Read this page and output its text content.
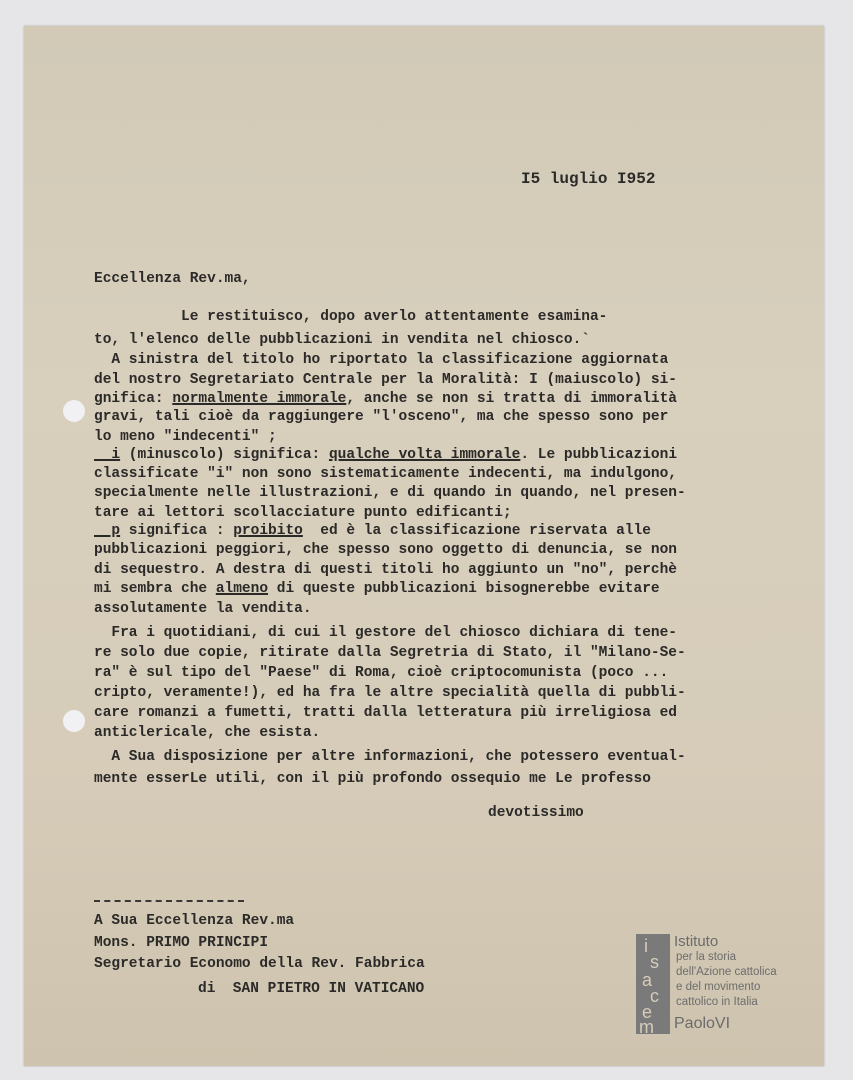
I5 luglio I952
Eccellenza Rev.ma,
Le restituisco, dopo averlo attentamente esamina-
to, l'elenco delle pubblicazioni in vendita nel chiosco.`
A sinistra del titolo ho riportato la classificazione aggiornata
del nostro Segretariato Centrale per la Moralità: I (maiuscolo) si-
gnifica: normalmente immorale, anche se non si tratta di immoralità
gravi, tali cioè da raggiungere "l'osceno", ma che spesso sono per
lo meno "indecenti" ;
i (minuscolo) significa: qualche volta immorale. Le pubblicazioni
classificate "i" non sono sistematicamente indecenti, ma indulgono,
specialmente nelle illustrazioni, e di quando in quando, nel presen-
tare ai lettori scollacciature punto edificanti;
p significa : proibito  ed è la classificazione riservata alle
pubblicazioni peggiori, che spesso sono oggetto di denuncia, se non
di sequestro. A destra di questi titoli ho aggiunto un "no", perchè
mi sembra che almeno di queste pubblicazioni bisognerebbe evitare
assolutamente la vendita.
Fra i quotidiani, di cui il gestore del chiosco dichiara di tene-
re solo due copie, ritirate dalla Segretria di Stato, il "Milano-Se-
ra" è sul tipo del "Paese" di Roma, cioè criptocomunista (poco ...
cripto, veramente!), ed ha fra le altre specialità quella di pubbli-
care romanzi a fumetti, tratti dalla letteratura più irreligiosa ed
anticlericale, che esista.
A Sua disposizione per altre informazioni, che potessero eventual-
mente esserLe utili, con il più profondo ossequio me Le professo
devotissimo
A Sua Eccellenza Rev.ma
Mons. PRIMO PRINCIPI
Segretario Economo della Rev. Fabbrica
di  SAN PIETRO IN VATICANO
i
s
a
c
e
m
Istituto
per la storia
dell'Azione cattolica
e del movimento
cattolico in Italia
PaoloVI
